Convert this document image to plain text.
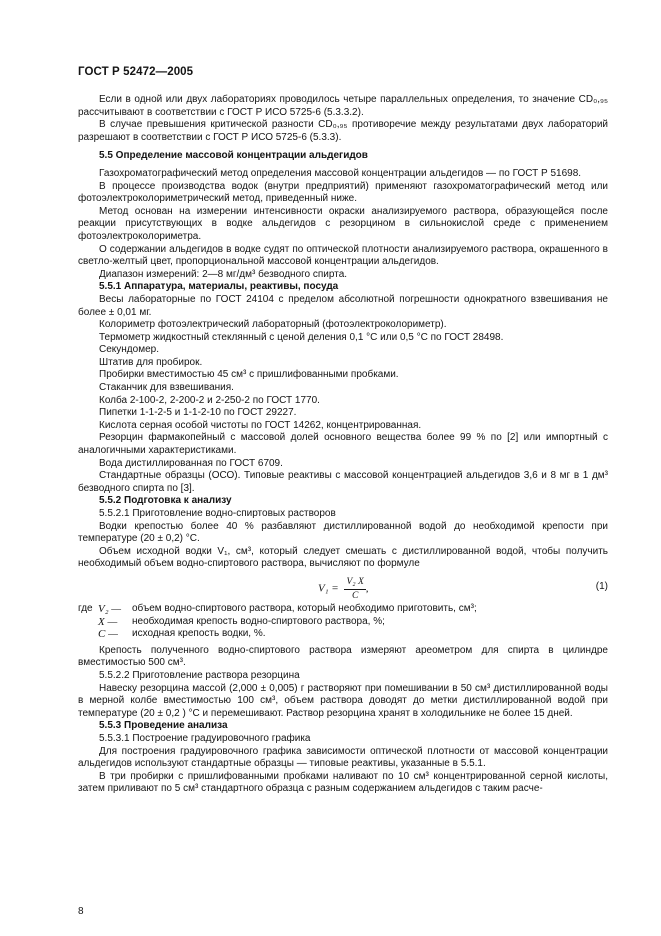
ГОСТ Р 52472—2005

Если в одной или двух лабораториях проводилось четыре параллельных определения, то значение CD₀,₉₅ рассчитывают в соответствии с ГОСТ Р ИСО 5725-6 (5.3.3.2).

В случае превышения критической разности CD₀,₉₅ противоречие между результатами двух лабораторий разрешают в соответствии с ГОСТ Р ИСО 5725-6 (5.3.3).

5.5 Определение массовой концентрации альдегидов

Газохроматографический метод определения массовой концентрации альдегидов — по ГОСТ Р 51698.

В процессе производства водок (внутри предприятий) применяют газохроматографический метод или фотоэлектроколориметрический метод, приведенный ниже.

Метод основан на измерении интенсивности окраски анализируемого раствора, образующейся после реакции присутствующих в водке альдегидов с резорцином в сильнокислой среде с применением фотоэлектроколориметра.

О содержании альдегидов в водке судят по оптической плотности анализируемого раствора, окрашенного в светло-желтый цвет, пропорциональной массовой концентрации альдегидов.

Диапазон измерений: 2—8 мг/дм³ безводного спирта.

5.5.1 Аппаратура, материалы, реактивы, посуда

Весы лабораторные по ГОСТ 24104 с пределом абсолютной погрешности однократного взвешивания не более ± 0,01 мг.

Колориметр фотоэлектрический лабораторный (фотоэлектроколориметр).

Термометр жидкостный стеклянный с ценой деления 0,1 °С или 0,5 °С по ГОСТ 28498.

Секундомер.

Штатив для пробирок.

Пробирки вместимостью 45 см³ с пришлифованными пробками.

Стаканчик для взвешивания.

Колба 2-100-2, 2-200-2 и 2-250-2 по ГОСТ 1770.

Пипетки 1-1-2-5 и 1-1-2-10 по ГОСТ 29227.

Кислота серная особой чистоты по ГОСТ 14262, концентрированная.

Резорцин фармакопейный с массовой долей основного вещества более 99 % по [2] или импортный с аналогичными характеристиками.

Вода дистиллированная по ГОСТ 6709.

Стандартные образцы (ОСО). Типовые реактивы с массовой концентрацией альдегидов 3,6 и 8 мг в 1 дм³ безводного спирта по [3].

5.5.2 Подготовка к анализу

5.5.2.1 Приготовление водно-спиртовых растворов

Водки крепостью более 40 % разбавляют дистиллированной водой до необходимой крепости при температуре (20 ± 0,2) °С.

Объем исходной водки V₁, см³, который следует смешать с дистиллированной водой, чтобы получить необходимый объем водно-спиртового раствора, вычисляют по формуле

$V_1 = \frac{\text{V₂ X}}{C}$ ,	(1)
где V₂ —	объем водно-спиртового раствора, который необходимо приготовить, см³;
X —	необходимая крепость водно-спиртового раствора, %;
C —	исходная крепость водки, %.

Крепость полученного водно-спиртового раствора измеряют ареометром для спирта в цилиндре вместимостью 500 см³.

5.5.2.2 Приготовление раствора резорцина

Навеску резорцина массой (2,000 ± 0,005) г растворяют при помешивании в 50 см³ дистиллированной воды в мерной колбе вместимостью 100 см³, объем раствора доводят до метки дистиллированной водой при температуре (20 ± 0,2 ) °С и перемешивают. Раствор резорцина хранят в холодильнике не более 15 дней.

5.5.3 Проведение анализа

5.5.3.1 Построение градуировочного графика

Для построения градуировочного графика зависимости оптической плотности от массовой концентрации альдегидов используют стандартные образцы — типовые реактивы, указанные в 5.5.1.

В три пробирки с пришлифованными пробками наливают по 10 см³ концентрированной серной кислоты, затем приливают по 5 см³ стандартного образца с разным содержанием альдегидов с таким расче-

8
